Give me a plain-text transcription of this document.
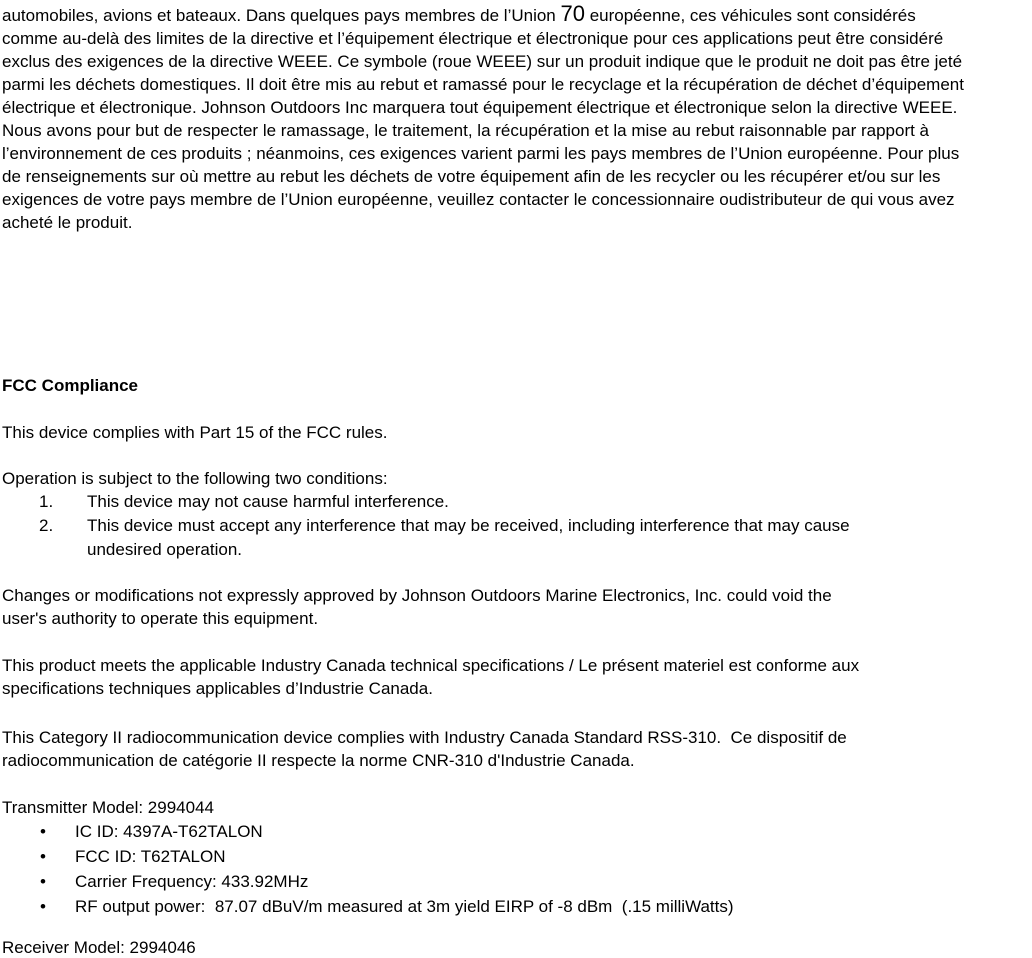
automobiles, avions et bateaux. Dans quelques pays membres de l’Union 70 européenne, ces véhicules sont considérés
comme au-delà des limites de la directive et l’équipement électrique et électronique pour ces applications peut être considéré
exclus des exigences de la directive WEEE. Ce symbole (roue WEEE) sur un produit indique que le produit ne doit pas être jeté
parmi les déchets domestiques. Il doit être mis au rebut et ramassé pour le recyclage et la récupération de déchet d’équipement
électrique et électronique. Johnson Outdoors Inc marquera tout équipement électrique et électronique selon la directive WEEE.
Nous avons pour but de respecter le ramassage, le traitement, la récupération et la mise au rebut raisonnable par rapport à
l’environnement de ces produits ; néanmoins, ces exigences varient parmi les pays membres de l’Union européenne. Pour plus
de renseignements sur où mettre au rebut les déchets de votre équipement afin de les recycler ou les récupérer et/ou sur les
exigences de votre pays membre de l’Union européenne, veuillez contacter le concessionnaire oudistributeur de qui vous avez
acheté le produit.
FCC Compliance
This device complies with Part 15 of the FCC rules.
Operation is subject to the following two conditions:
1.	This device may not cause harmful interference.
2.	This device must accept any interference that may be received, including interference that may cause
undesired operation.
Changes or modifications not expressly approved by Johnson Outdoors Marine Electronics, Inc. could void the
user's authority to operate this equipment.
This product meets the applicable Industry Canada technical specifications / Le présent materiel est conforme aux
specifications techniques applicables d’Industrie Canada.
This Category II radiocommunication device complies with Industry Canada Standard RSS-310.  Ce dispositif de
radiocommunication de catégorie II respecte la norme CNR-310 d'Industrie Canada.
Transmitter Model: 2994044
•	IC ID: 4397A-T62TALON
•	FCC ID: T62TALON
•	Carrier Frequency: 433.92MHz
•	RF output power:  87.07 dBuV/m measured at 3m yield EIRP of -8 dBm  (.15 milliWatts)
Receiver Model: 2994046
